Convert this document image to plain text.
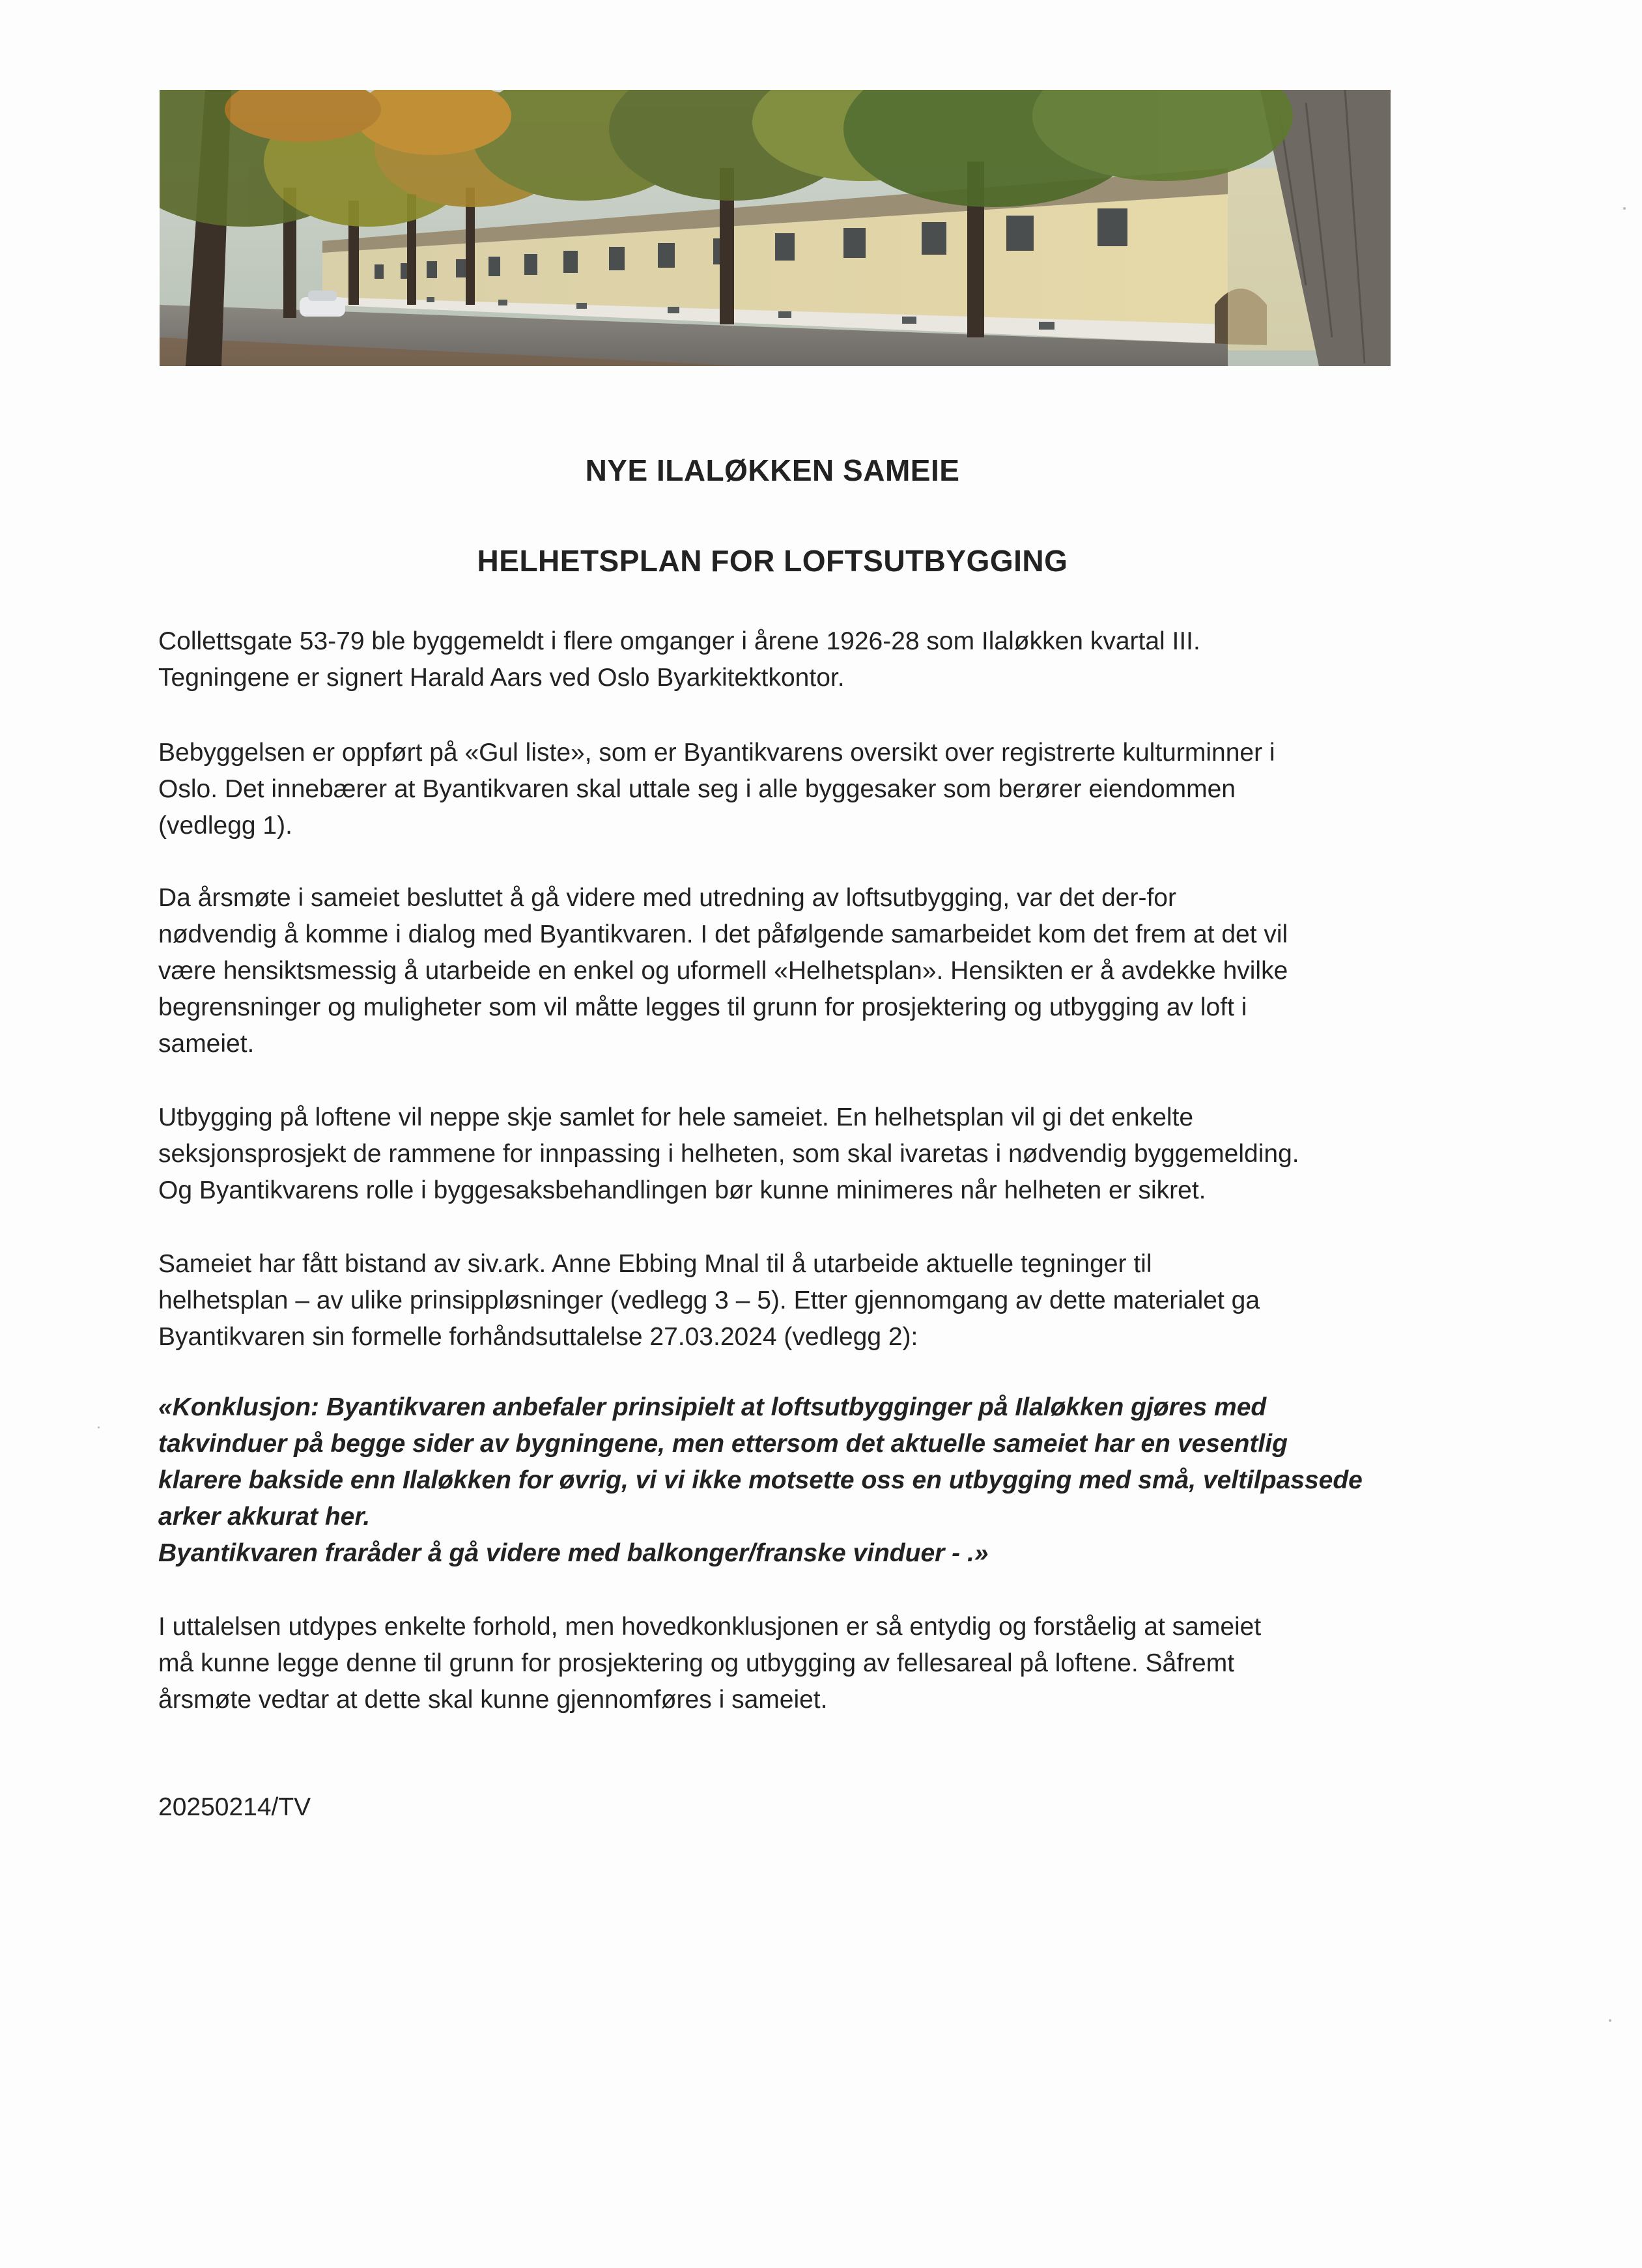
NYE ILALØKKEN SAMEIE
HELHETSPLAN FOR LOFTSUTBYGGING

Collettsgate 53-79 ble byggemeldt i flere omganger i årene 1926-28 som Ilaløkken kvartal III.
Tegningene er signert Harald Aars ved Oslo Byarkitektkontor.

Bebyggelsen er oppført på «Gul liste», som er Byantikvarens oversikt over registrerte kulturminner i
Oslo. Det innebærer at Byantikvaren skal uttale seg i alle byggesaker som berører eiendommen
(vedlegg 1).

Da årsmøte i sameiet besluttet å gå videre med utredning av loftsutbygging, var det der-for
nødvendig å komme i dialog med Byantikvaren. I det påfølgende samarbeidet kom det frem at det vil
være hensiktsmessig å utarbeide en enkel og uformell «Helhetsplan». Hensikten er å avdekke hvilke
begrensninger og muligheter som vil måtte legges til grunn for prosjektering og utbygging av loft i
sameiet.

Utbygging på loftene vil neppe skje samlet for hele sameiet. En helhetsplan vil gi det enkelte
seksjonsprosjekt de rammene for innpassing i helheten, som skal ivaretas i nødvendig byggemelding.
Og Byantikvarens rolle i byggesaksbehandlingen bør kunne minimeres når helheten er sikret.

Sameiet har fått bistand av siv.ark. Anne Ebbing Mnal til å utarbeide aktuelle tegninger til
helhetsplan – av ulike prinsippløsninger (vedlegg 3 – 5). Etter gjennomgang av dette materialet ga
Byantikvaren sin formelle forhåndsuttalelse 27.03.2024 (vedlegg 2):

«Konklusjon: Byantikvaren anbefaler prinsipielt at loftsutbygginger på Ilaløkken gjøres med
takvinduer på begge sider av bygningene, men ettersom det aktuelle sameiet har en vesentlig
klarere bakside enn Ilaløkken for øvrig, vi vi ikke motsette oss en utbygging med små, veltilpassede
arker akkurat her.
Byantikvaren fraråder å gå videre med balkonger/franske vinduer - .»

I uttalelsen utdypes enkelte forhold, men hovedkonklusjonen er så entydig og forståelig at sameiet
må kunne legge denne til grunn for prosjektering og utbygging av fellesareal på loftene. Såfremt
årsmøte vedtar at dette skal kunne gjennomføres i sameiet.

20250214/TV
